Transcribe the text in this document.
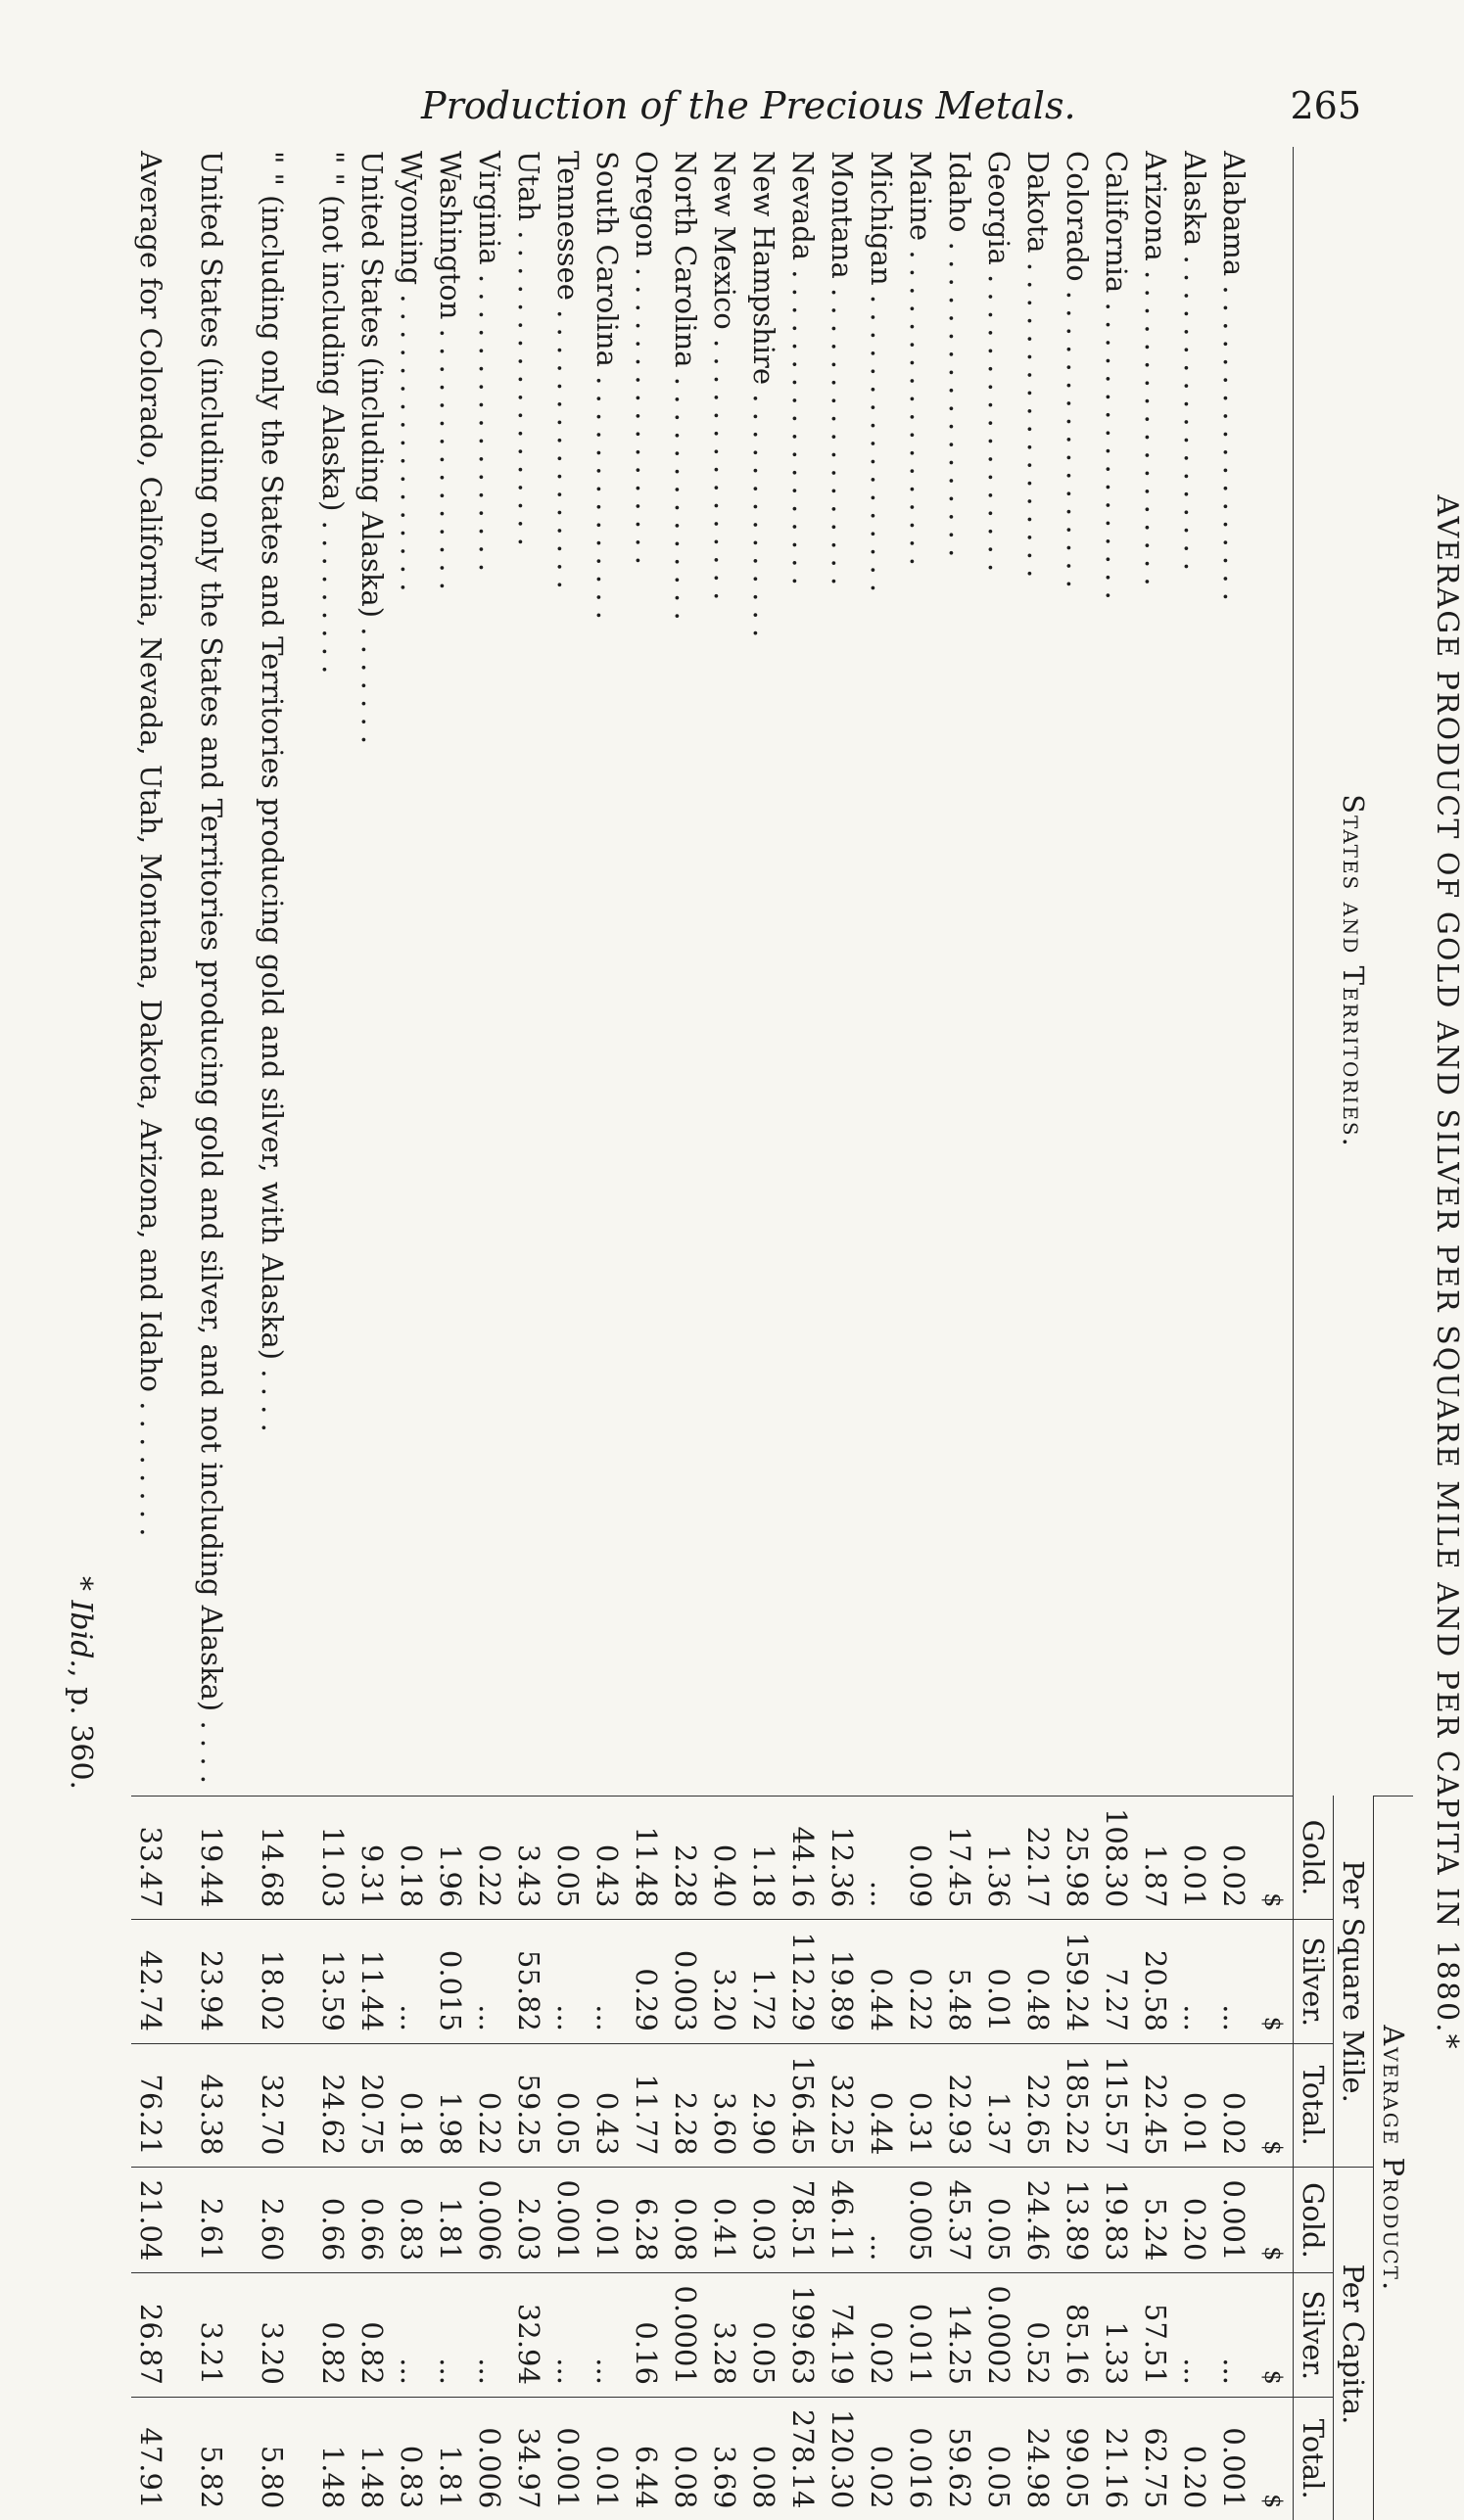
Production of the Precious Metals.	265
AVERAGE PRODUCT OF GOLD AND SILVER PER SQUARE MILE AND PER CAPITA IN 1880.*
States and Territories.	Average Product.					
	Per Square Mile.			Per Capita.		
	Gold.	Silver.	Total.	Gold.	Silver.	Total.
	$	$	$	$	$	$
Alabama . . . . . . . . . . . . . . . . . .	0.02	...	0.02	0.001	...	0.001
Alaska . . . . . . . . . . . . . . . . . .	0.01	...	0.01	0.20	...	0.20
Arizona . . . . . . . . . . . . . . . . . .	1.87	20.58	22.45	5.24	57.51	62.75
California . . . . . . . . . . . . . . . . .	108.30	7.27	115.57	19.83	1.33	21.16
Colorado . . . . . . . . . . . . . . . . .	25.98	159.24	185.22	13.89	85.16	99.05
Dakota . . . . . . . . . . . . . . . . . .	22.17	0.48	22.65	24.46	0.52	24.98
Georgia . . . . . . . . . . . . . . . . .	1.36	0.01	1.37	0.05	0.0002	0.05
Idaho . . . . . . . . . . . . . . . . . .	17.45	5.48	22.93	45.37	14.25	59.62
Maine . . . . . . . . . . . . . . . . . .	0.09	0.22	0.31	0.005	0.011	0.016
Michigan . . . . . . . . . . . . . . . . .	...	0.44	0.44	...	0.02	0.02
Montana . . . . . . . . . . . . . . . . .	12.36	19.89	32.25	46.11	74.19	120.30
Nevada . . . . . . . . . . . . . . . . . .	44.16	112.29	156.45	78.51	199.63	278.14
New Hampshire . . . . . . . . . . . . . .	1.18	1.72	2.90	0.03	0.05	0.08
New Mexico . . . . . . . . . . . . . . .	0.40	3.20	3.60	0.41	3.28	3.69
North Carolina . . . . . . . . . . . . . .	2.28	0.003	2.28	0.08	0.0001	0.08
Oregon . . . . . . . . . . . . . . . . .	11.48	0.29	11.77	6.28	0.16	6.44
South Carolina . . . . . . . . . . . . . .	0.43	...	0.43	0.01	...	0.01
Tennessee . . . . . . . . . . . . . . . .	0.05	...	0.05	0.001	...	0.001
Utah . . . . . . . . . . . . . . . . . .	3.43	55.82	59.25	2.03	32.94	34.97
Virginia . . . . . . . . . . . . . . . . .	0.22	...	0.22	0.006	...	0.006
Washington . . . . . . . . . . . . . . .	1.96	0.015	1.98	1.81	...	1.81
Wyoming . . . . . . . . . . . . . . . . .	0.18	...	0.18	0.83	...	0.83
United States (including Alaska) . . . . . . .	9.31	11.44	20.75	0.66	0.82	1.48
" " (not including Alaska) . . . . . . . . .	11.03	13.59	24.62	0.66	0.82	1.48
" " (including only the States and Territories producing gold and silver, with Alaska) . . . .	14.68	18.02	32.70	2.60	3.20	5.80
United States (including only the States and Territories producing gold and silver, and not including Alaska) . . . .	19.44	23.94	43.38	2.61	3.21	5.82
Average for Colorado, California, Nevada, Utah, Montana, Dakota, Arizona, and Idaho . . . . . . . .	33.47	42.74	76.21	21.04	26.87	47.91
* Ibid., p. 360.
